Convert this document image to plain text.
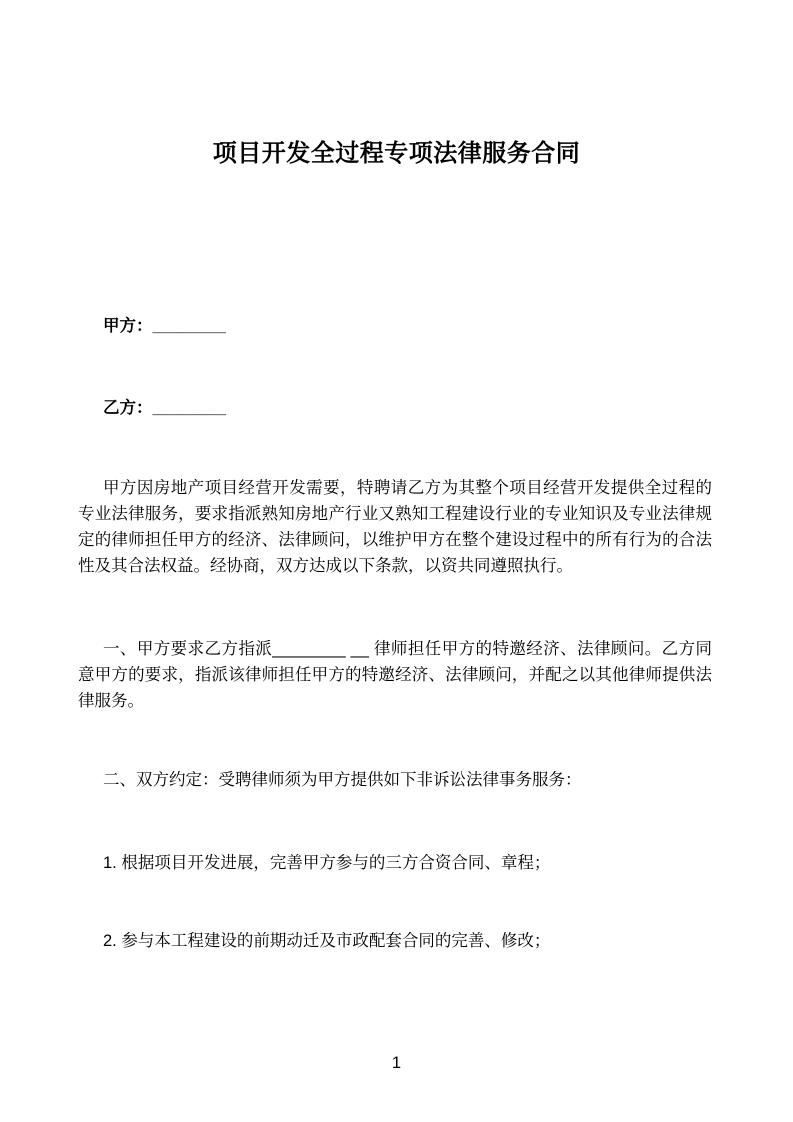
项目开发全过程专项法律服务合同

甲方：________

乙方：________

甲方因房地产项目经营开发需要，特聘请乙方为其整个项目经营开发提供全过程的专业法律服务，要求指派熟知房地产行业又熟知工程建设行业的专业知识及专业法律规定的律师担任甲方的经济、法律顾问，以维护甲方在整个建设过程中的所有行为的合法性及其合法权益。经协商，双方达成以下条款，以资共同遵照执行。

一、甲方要求乙方指派________ __ 律师担任甲方的特邀经济、法律顾问。乙方同意甲方的要求，指派该律师担任甲方的特邀经济、法律顾问，并配之以其他律师提供法律服务。

二、双方约定：受聘律师须为甲方提供如下非诉讼法律事务服务：

1. 根据项目开发进展，完善甲方参与的三方合资合同、章程；

2. 参与本工程建设的前期动迁及市政配套合同的完善、修改；

1
